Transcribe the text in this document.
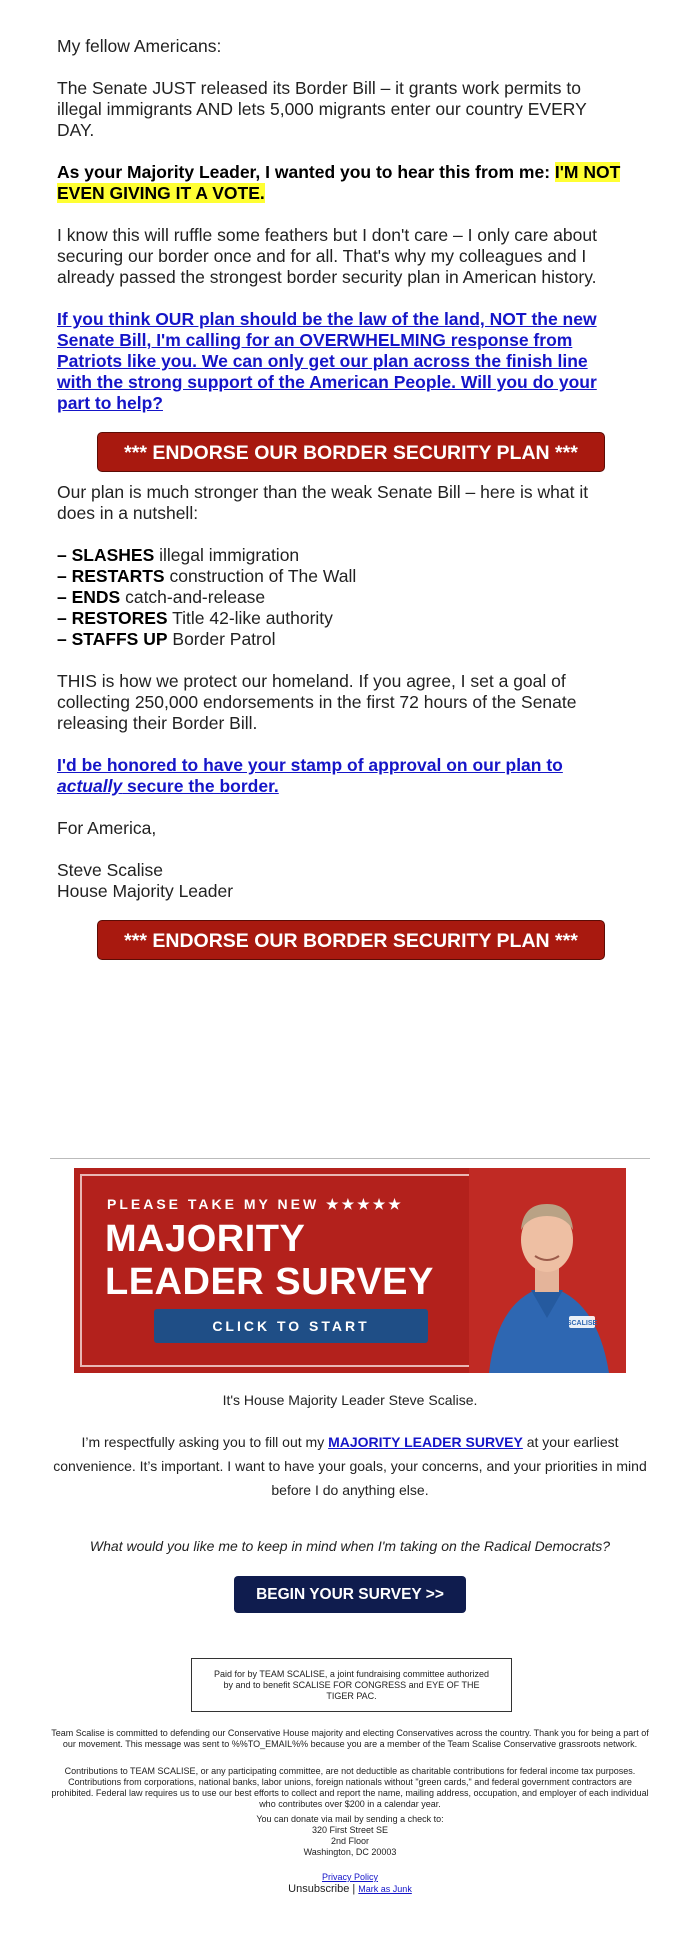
My fellow Americans:

The Senate JUST released its Border Bill – it grants work permits to illegal immigrants AND lets 5,000 migrants enter our country EVERY DAY.

As your Majority Leader, I wanted you to hear this from me: I'M NOT EVEN GIVING IT A VOTE.

I know this will ruffle some feathers but I don't care – I only care about securing our border once and for all. That's why my colleagues and I already passed the strongest border security plan in American history.

If you think OUR plan should be the law of the land, NOT the new Senate Bill, I'm calling for an OVERWHELMING response from Patriots like you. We can only get our plan across the finish line with the strong support of the American People. Will you do your part to help?

*** ENDORSE OUR BORDER SECURITY PLAN ***

Our plan is much stronger than the weak Senate Bill – here is what it does in a nutshell:

– SLASHES illegal immigration
– RESTARTS construction of The Wall
– ENDS catch-and-release
– RESTORES Title 42-like authority
– STAFFS UP Border Patrol

THIS is how we protect our homeland. If you agree, I set a goal of collecting 250,000 endorsements in the first 72 hours of the Senate releasing their Border Bill.

I'd be honored to have your stamp of approval on our plan to actually secure the border.

For America,

Steve Scalise

House Majority Leader

*** ENDORSE OUR BORDER SECURITY PLAN ***
PLEASE TAKE MY NEW ★★★★★
MAJORITY
LEADER SURVEY
CLICK TO START	SCALISE
It's House Majority Leader Steve Scalise.
I’m respectfully asking you to fill out my MAJORITY LEADER SURVEY at your earliest convenience. It’s important. I want to have your goals, your concerns, and your priorities in mind before I do anything else.
What would you like me to keep in mind when I'm taking on the Radical Democrats?
BEGIN YOUR SURVEY >>
Paid for by TEAM SCALISE, a joint fundraising committee authorized by and to benefit SCALISE FOR CONGRESS and EYE OF THE TIGER PAC.
Team Scalise is committed to defending our Conservative House majority and electing Conservatives across the country. Thank you for being a part of our movement. This message was sent to %%TO_EMAIL%% because you are a member of the Team Scalise Conservative grassroots network.
Contributions to TEAM SCALISE, or any participating committee, are not deductible as charitable contributions for federal income tax purposes. Contributions from corporations, national banks, labor unions, foreign nationals without "green cards," and federal government contractors are prohibited. Federal law requires us to use our best efforts to collect and report the name, mailing address, occupation, and employer of each individual who contributes over $200 in a calendar year.
You can donate via mail by sending a check to:
320 First Street SE
2nd Floor
Washington, DC 20003
Privacy Policy
Unsubscribe | Mark as Junk
